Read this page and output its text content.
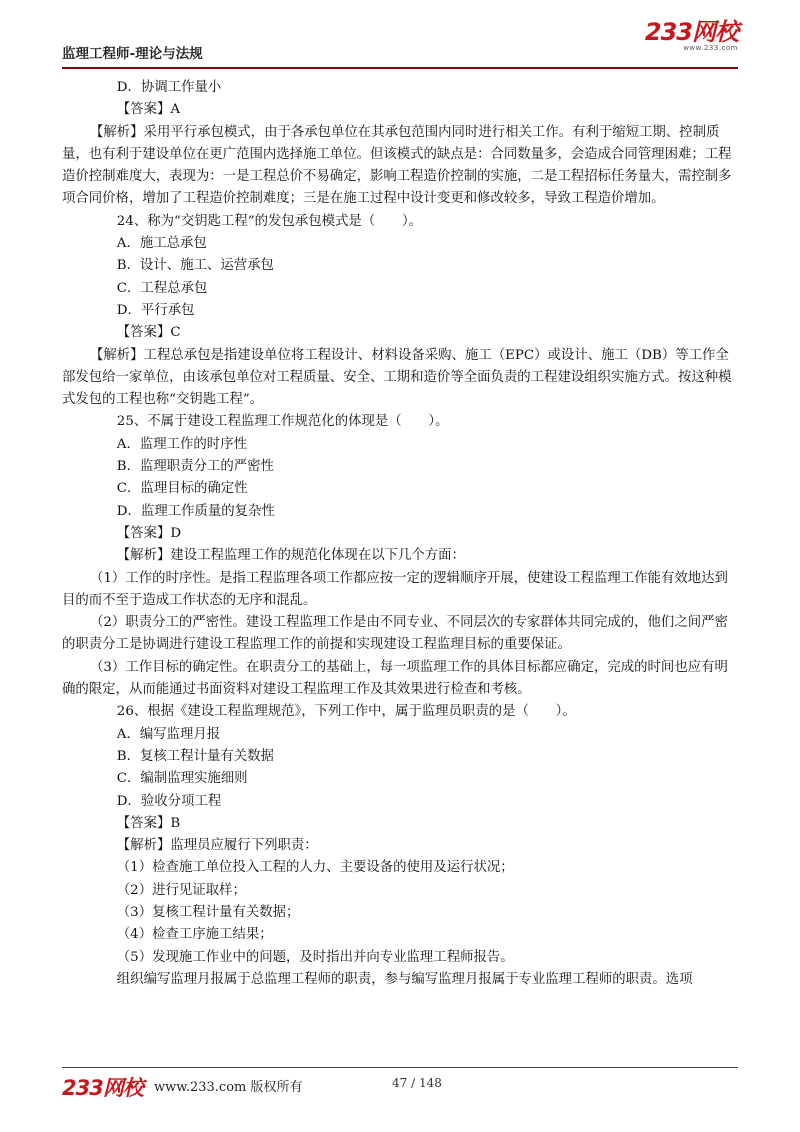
监理工程师-理论与法规
233网校
www.233.com

D．协调工作量小

【答案】A

【解析】采用平行承包模式，由于各承包单位在其承包范围内同时进行相关工作。有利于缩短工期、控制质量，也有利于建设单位在更广范围内选择施工单位。但该模式的缺点是：合同数量多，会造成合同管理困难；工程造价控制难度大，表现为：一是工程总价不易确定，影响工程造价控制的实施，二是工程招标任务量大，需控制多项合同价格，增加了工程造价控制难度；三是在施工过程中设计变更和修改较多，导致工程造价增加。

24、称为“交钥匙工程”的发包承包模式是（　　）。

A．施工总承包

B．设计、施工、运营承包

C．工程总承包

D．平行承包

【答案】C

【解析】工程总承包是指建设单位将工程设计、材料设备采购、施工（EPC）或设计、施工（DB）等工作全部发包给一家单位，由该承包单位对工程质量、安全、工期和造价等全面负责的工程建设组织实施方式。按这种模式发包的工程也称“交钥匙工程”。

25、不属于建设工程监理工作规范化的体现是（　　）。

A．监理工作的时序性

B．监理职责分工的严密性

C．监理目标的确定性

D．监理工作质量的复杂性

【答案】D

【解析】建设工程监理工作的规范化体现在以下几个方面：

（1）工作的时序性。是指工程监理各项工作都应按一定的逻辑顺序开展，使建设工程监理工作能有效地达到目的而不至于造成工作状态的无序和混乱。

（2）职责分工的严密性。建设工程监理工作是由不同专业、不同层次的专家群体共同完成的，他们之间严密的职责分工是协调进行建设工程监理工作的前提和实现建设工程监理目标的重要保证。

（3）工作目标的确定性。在职责分工的基础上，每一项监理工作的具体目标都应确定，完成的时间也应有明确的限定，从而能通过书面资料对建设工程监理工作及其效果进行检查和考核。

26、根据《建设工程监理规范》，下列工作中，属于监理员职责的是（　　）。

A．编写监理月报

B．复核工程计量有关数据

C．编制监理实施细则

D．验收分项工程

【答案】B

【解析】监理员应履行下列职责：

（1）检查施工单位投入工程的人力、主要设备的使用及运行状况；

（2）进行见证取样；

（3）复核工程计量有关数据；

（4）检查工序施工结果；

（5）发现施工作业中的问题，及时指出并向专业监理工程师报告。

组织编写监理月报属于总监理工程师的职责，参与编写监理月报属于专业监理工程师的职责。选项

233网校 www.233.com 版权所有	47 / 148
